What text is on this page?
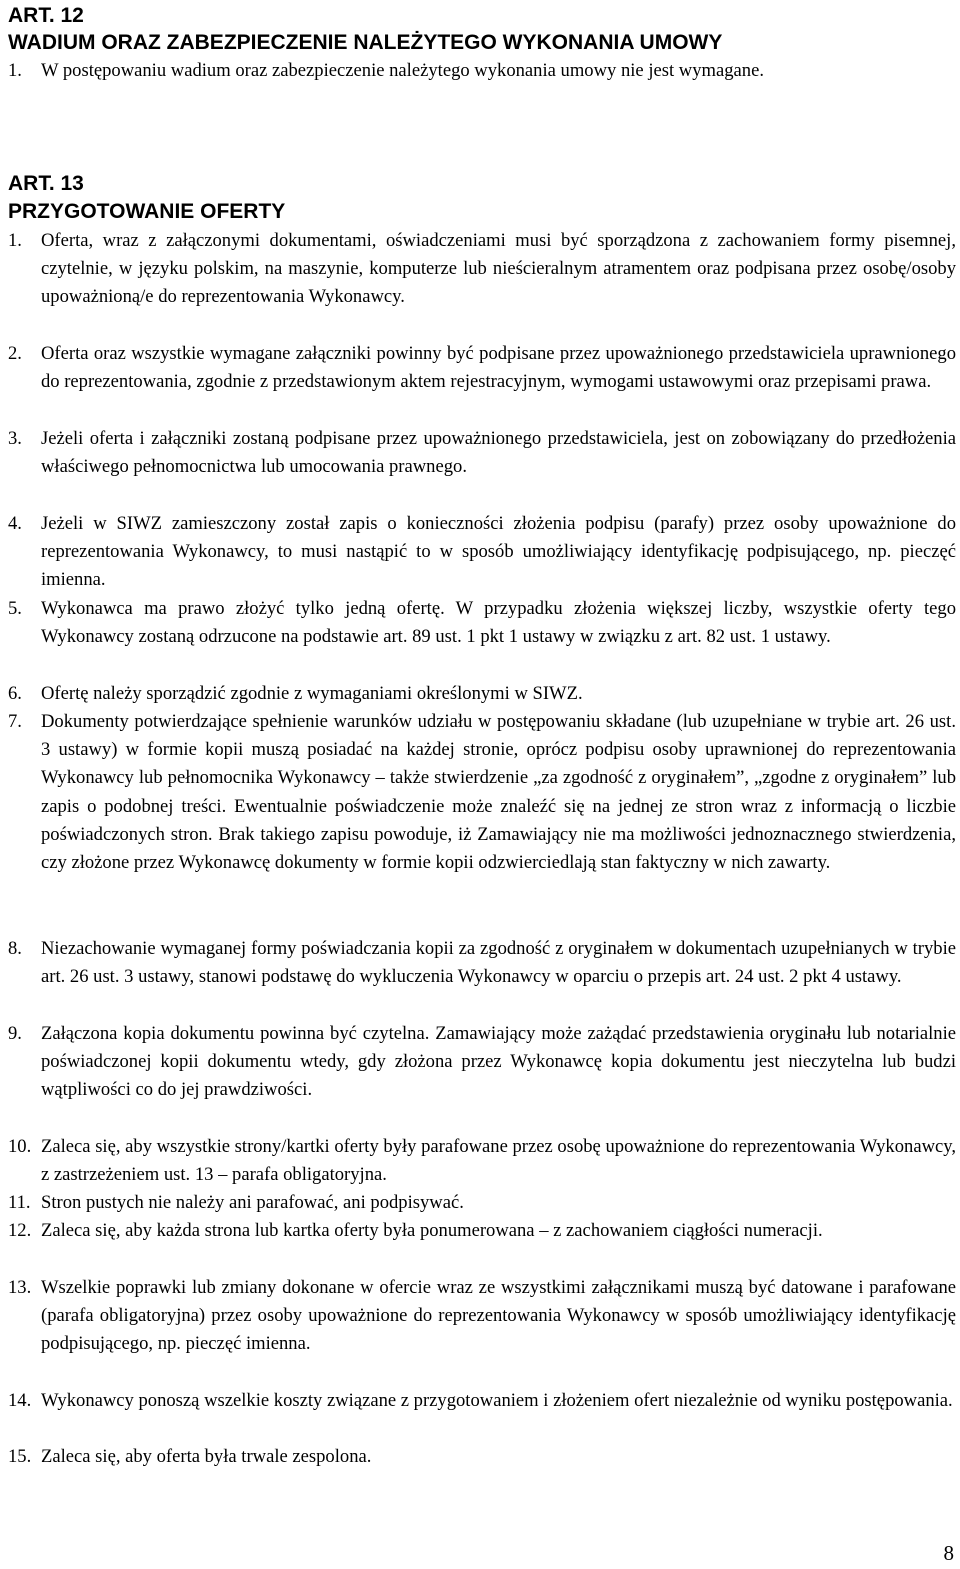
ART. 12
WADIUM ORAZ ZABEZPIECZENIE NALEŻYTEGO WYKONANIA UMOWY
1.	W postępowaniu wadium oraz zabezpieczenie należytego wykonania umowy nie jest wymagane.
ART. 13
PRZYGOTOWANIE OFERTY
1.	Oferta, wraz z załączonymi dokumentami, oświadczeniami musi być sporządzona z zachowaniem formy pisemnej, czytelnie, w języku polskim, na maszynie, komputerze lub nieścieralnym atramentem oraz podpisana przez osobę/osoby upoważnioną/e do reprezentowania Wykonawcy.
2.	Oferta oraz wszystkie wymagane załączniki powinny być podpisane przez upoważnionego przedstawiciela uprawnionego do reprezentowania, zgodnie z przedstawionym aktem rejestracyjnym, wymogami ustawowymi oraz przepisami prawa.
3.	Jeżeli oferta i załączniki zostaną podpisane przez upoważnionego przedstawiciela, jest on zobowiązany do przedłożenia właściwego pełnomocnictwa lub umocowania prawnego.
4.	Jeżeli w SIWZ zamieszczony został zapis o konieczności złożenia podpisu (parafy) przez osoby upoważnione do reprezentowania Wykonawcy, to musi nastąpić to w sposób umożliwiający identyfikację podpisującego, np. pieczęć imienna.
5.	Wykonawca ma prawo złożyć tylko jedną ofertę. W przypadku złożenia większej liczby, wszystkie oferty tego Wykonawcy zostaną odrzucone na podstawie art. 89 ust. 1 pkt 1 ustawy w związku z art. 82 ust. 1 ustawy.
6.	Ofertę należy sporządzić zgodnie z wymaganiami określonymi w SIWZ.
7.	Dokumenty potwierdzające spełnienie warunków udziału w postępowaniu składane (lub uzupełniane w trybie art. 26 ust. 3 ustawy) w formie kopii muszą posiadać na każdej stronie, oprócz podpisu osoby uprawnionej do reprezentowania Wykonawcy lub pełnomocnika Wykonawcy – także stwierdzenie „za zgodność z oryginałem”, „zgodne z oryginałem” lub zapis o podobnej treści. Ewentualnie poświadczenie może znaleźć się na jednej ze stron wraz z informacją o liczbie poświadczonych stron. Brak takiego zapisu powoduje, iż Zamawiający nie ma możliwości jednoznacznego stwierdzenia, czy złożone przez Wykonawcę dokumenty w formie kopii odzwierciedlają stan faktyczny w nich zawarty.
8.	Niezachowanie wymaganej formy poświadczania kopii za zgodność z oryginałem w dokumentach uzupełnianych w trybie art. 26 ust. 3 ustawy, stanowi podstawę do wykluczenia Wykonawcy w oparciu o przepis art. 24 ust. 2 pkt 4 ustawy.
9.	Załączona kopia dokumentu powinna być czytelna. Zamawiający może zażądać przedstawienia oryginału lub notarialnie poświadczonej kopii dokumentu wtedy, gdy złożona przez Wykonawcę kopia dokumentu jest nieczytelna lub budzi wątpliwości co do jej prawdziwości.
10. Zaleca się, aby wszystkie strony/kartki oferty były parafowane przez osobę upoważnione do reprezentowania Wykonawcy, z zastrzeżeniem ust. 13 – parafa obligatoryjna.
11. Stron pustych nie należy ani parafować, ani podpisywać.
12. Zaleca się, aby każda strona lub kartka oferty była ponumerowana – z zachowaniem ciągłości numeracji.
13. Wszelkie poprawki lub zmiany dokonane w ofercie wraz ze wszystkimi załącznikami muszą być datowane i parafowane (parafa obligatoryjna) przez osoby upoważnione do reprezentowania Wykonawcy w sposób umożliwiający identyfikację podpisującego, np. pieczęć imienna.
14. Wykonawcy ponoszą wszelkie koszty związane z przygotowaniem i złożeniem ofert niezależnie od wyniku postępowania.
15. Zaleca się, aby oferta była trwale zespolona.
8
